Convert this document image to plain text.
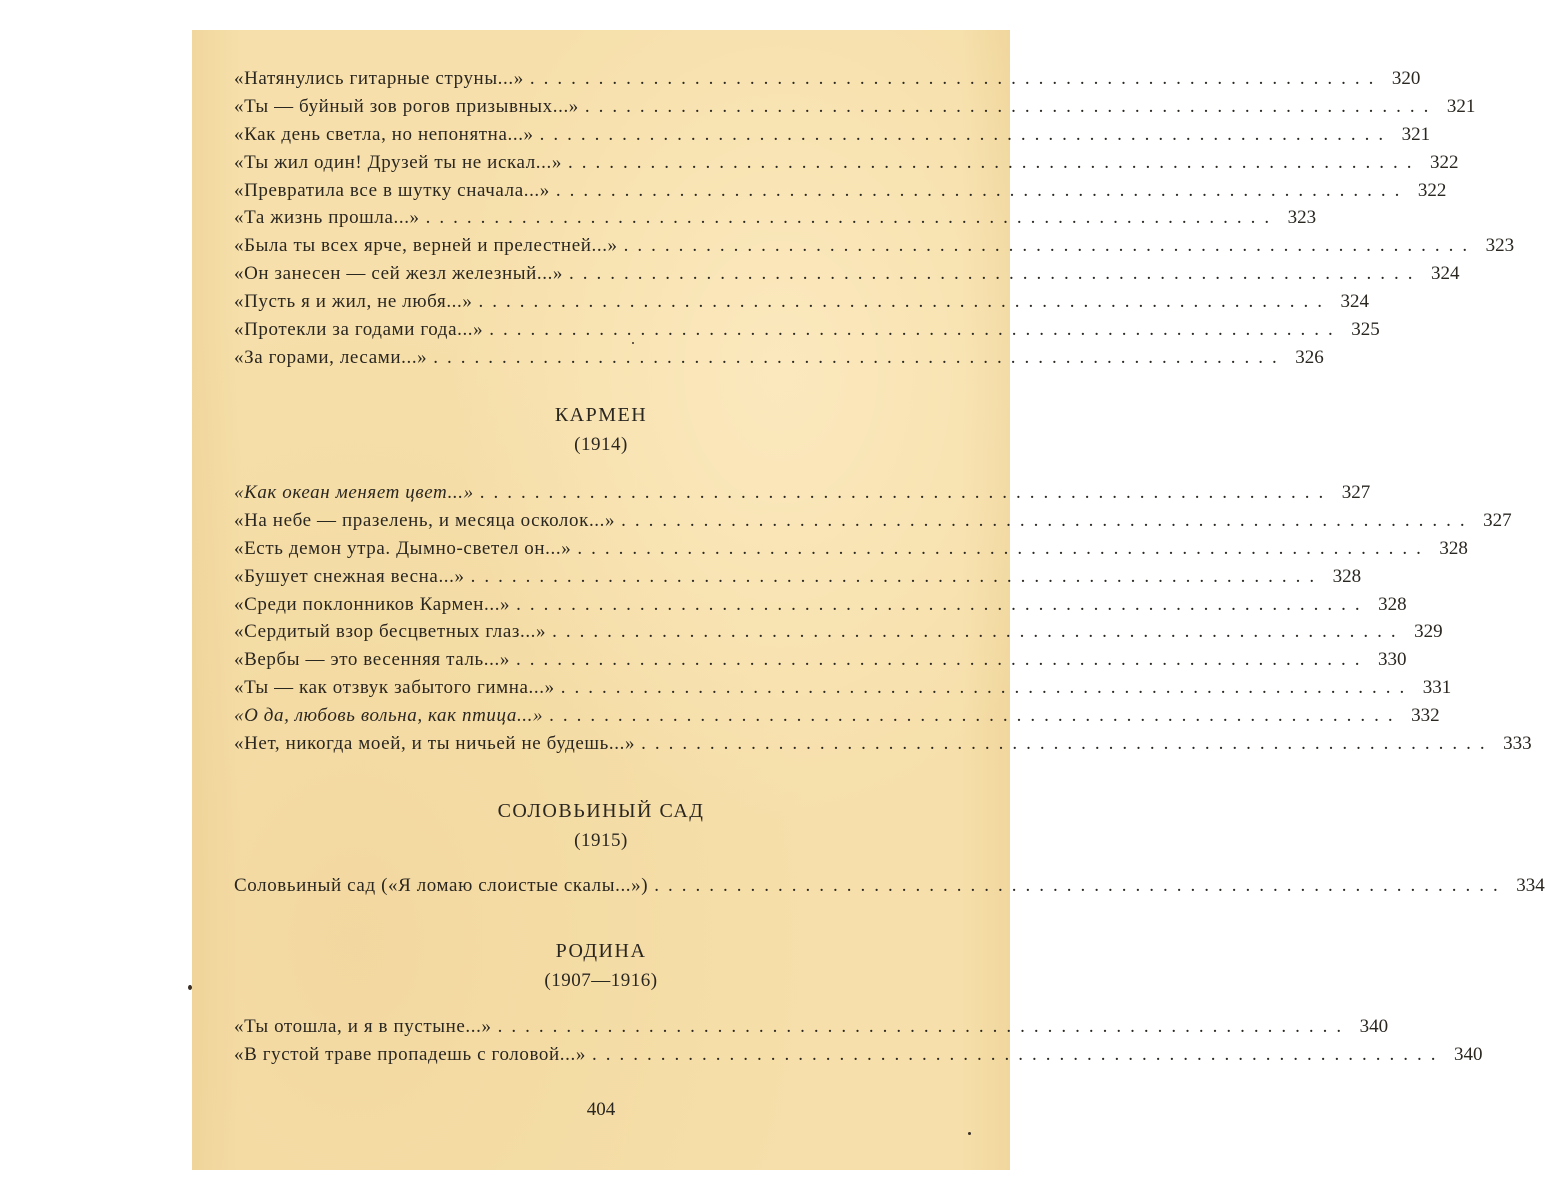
«Натянулись гитарные струны...» .............................................................. 320
«Ты — буйный зов рогов призывных...» .............................................................. 321
«Как день светла, но непонятна...» .............................................................. 321
«Ты жил один! Друзей ты не искал...» .............................................................. 322
«Превратила все в шутку сначала...» .............................................................. 322
«Та жизнь прошла...» .............................................................. 323
«Была ты всех ярче, верней и прелестней...» .............................................................. 323
«Он занесен — сей жезл железный...» .............................................................. 324
«Пусть я и жил, не любя...» .............................................................. 324
«Протекли за годами года...» .............................................................. 325
«За горами, лесами...» .............................................................. 326
КАРМЕН
(1914)
«Как океан меняет цвет...» .............................................................. 327
«На небе — празелень, и месяца осколок...» .............................................................. 327
«Есть демон утра. Дымно-светел он...» .............................................................. 328
«Бушует снежная весна...» .............................................................. 328
«Среди поклонников Кармен...» .............................................................. 328
«Сердитый взор бесцветных глаз...» .............................................................. 329
«Вербы — это весенняя таль...» .............................................................. 330
«Ты — как отзвук забытого гимна...» .............................................................. 331
«О да, любовь вольна, как птица...» .............................................................. 332
«Нет, никогда моей, и ты ничьей не будешь...» .............................................................. 333
СОЛОВЬИНЫЙ САД
(1915)
Соловьиный сад («Я ломаю слоистые скалы...») .............................................................. 334
РОДИНА
(1907—1916)
«Ты отошла, и я в пустыне...» .............................................................. 340
«В густой траве пропадешь с головой...» .............................................................. 340
404
